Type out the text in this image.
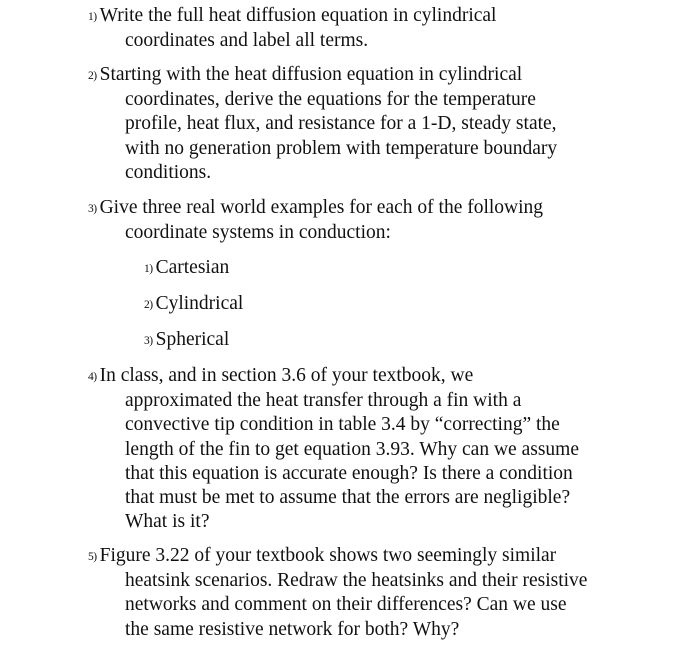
1) Write the full heat diffusion equation in cylindrical
coordinates and label all terms.
2) Starting with the heat diffusion equation in cylindrical
coordinates, derive the equations for the temperature
profile, heat flux, and resistance for a 1-D, steady state,
with no generation problem with temperature boundary
conditions.
3) Give three real world examples for each of the following
coordinate systems in conduction:
1) Cartesian
2) Cylindrical
3) Spherical
4) In class, and in section 3.6 of your textbook, we
approximated the heat transfer through a fin with a
convective tip condition in table 3.4 by “correcting” the
length of the fin to get equation 3.93. Why can we assume
that this equation is accurate enough? Is there a condition
that must be met to assume that the errors are negligible?
What is it?
5) Figure 3.22 of your textbook shows two seemingly similar
heatsink scenarios. Redraw the heatsinks and their resistive
networks and comment on their differences? Can we use
the same resistive network for both? Why?
